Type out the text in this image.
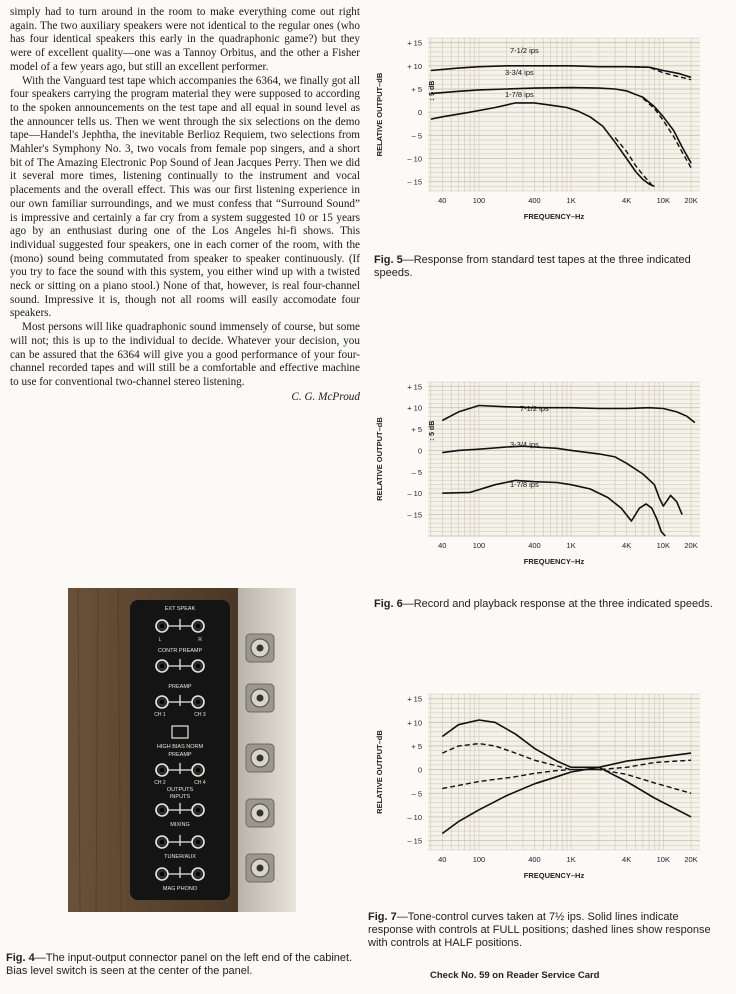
simply had to turn around in the room to make everything come out right again. The two auxiliary speakers were not identical to the regular ones (who has four identical speakers this early in the quadraphonic game?) but they were of excellent quality—one was a Tannoy Orbitus, and the other a Fisher model of a few years ago, but still an excellent performer.

With the Vanguard test tape which accompanies the 6364, we finally got all four speakers carrying the program material they were supposed to according to the spoken announcements on the test tape and all equal in sound level as the announcer tells us. Then we went through the six selections on the demo tape—Handel's Jephtha, the inevitable Berlioz Requiem, two selections from Mahler's Symphony No. 3, two vocals from female pop singers, and a short bit of The Amazing Electronic Pop Sound of Jean Jacques Perry. Then we did it several more times, listening continually to the instrument and vocal placements and the overall effect. This was our first listening experience in our own familiar surroundings, and we must confess that “Surround Sound” is impressive and certainly a far cry from a system suggested 10 or 15 years ago by an enthusiast during one of the Los Angeles hi-fi shows. This individual suggested four speakers, one in each corner of the room, with the (mono) sound being commutated from speaker to speaker continuously. (If you try to face the sound with this system, you either wind up with a twisted neck or sitting on a piano stool.) None of that, however, is real four-channel sound. Impressive it is, though not all rooms will easily accomodate four speakers.

Most persons will like quadraphonic sound immensely of course, but some will not; this is up to the individual to decide. Whatever your decision, you can be assured that the 6364 will give you a good performance of your four-channel recorded tapes and will still be a comfortable and effective machine to use for conventional two-channel stereo listening.

C. G. McProud
+ 15
+ 10
+ 5
0
– 5
– 10
– 15
40	100	400	1K	4K	10K 20K
FREQUENCY–Hz
RELATIVE OUTPUT–dB	↕ 5 dB
7-1/2 ips
3-3/4 ips
1-7/8 ips
Fig. 5—Response from standard test tapes at the three indicated speeds.
+ 15
+ 10
+ 5
0
– 5
– 10
– 15
40	100	400	1K	4K	10K 20K
FREQUENCY–Hz
RELATIVE OUTPUT–dB	↕ 5 dB
7-1/2 ips
3-3/4 ips
1-7/8 ips
Fig. 6—Record and playback response at the three indicated speeds.
+ 15
+ 10
+ 5
0
– 5
– 10
– 15
40	100	400	1K	4K	10K 20K
FREQUENCY–Hz
RELATIVE OUTPUT–dB
Fig. 7—Tone-control curves taken at 7½ ips. Solid lines indicate response with controls at FULL positions; dashed lines show response with controls at HALF positions.
EXT SPEAK
L	R
CONTR PREAMP
PREAMP
CH 1	CH 3
HIGH BIAS NORM
PREAMP
CH 2	CH 4
OUTPUTS
INPUTS
MIXING
TUNER/AUX
MAG PHONO
Fig. 4—The input-output connector panel on the left end of the cabinet. Bias level switch is seen at the center of the panel.	Check No. 59 on Reader Service Card
